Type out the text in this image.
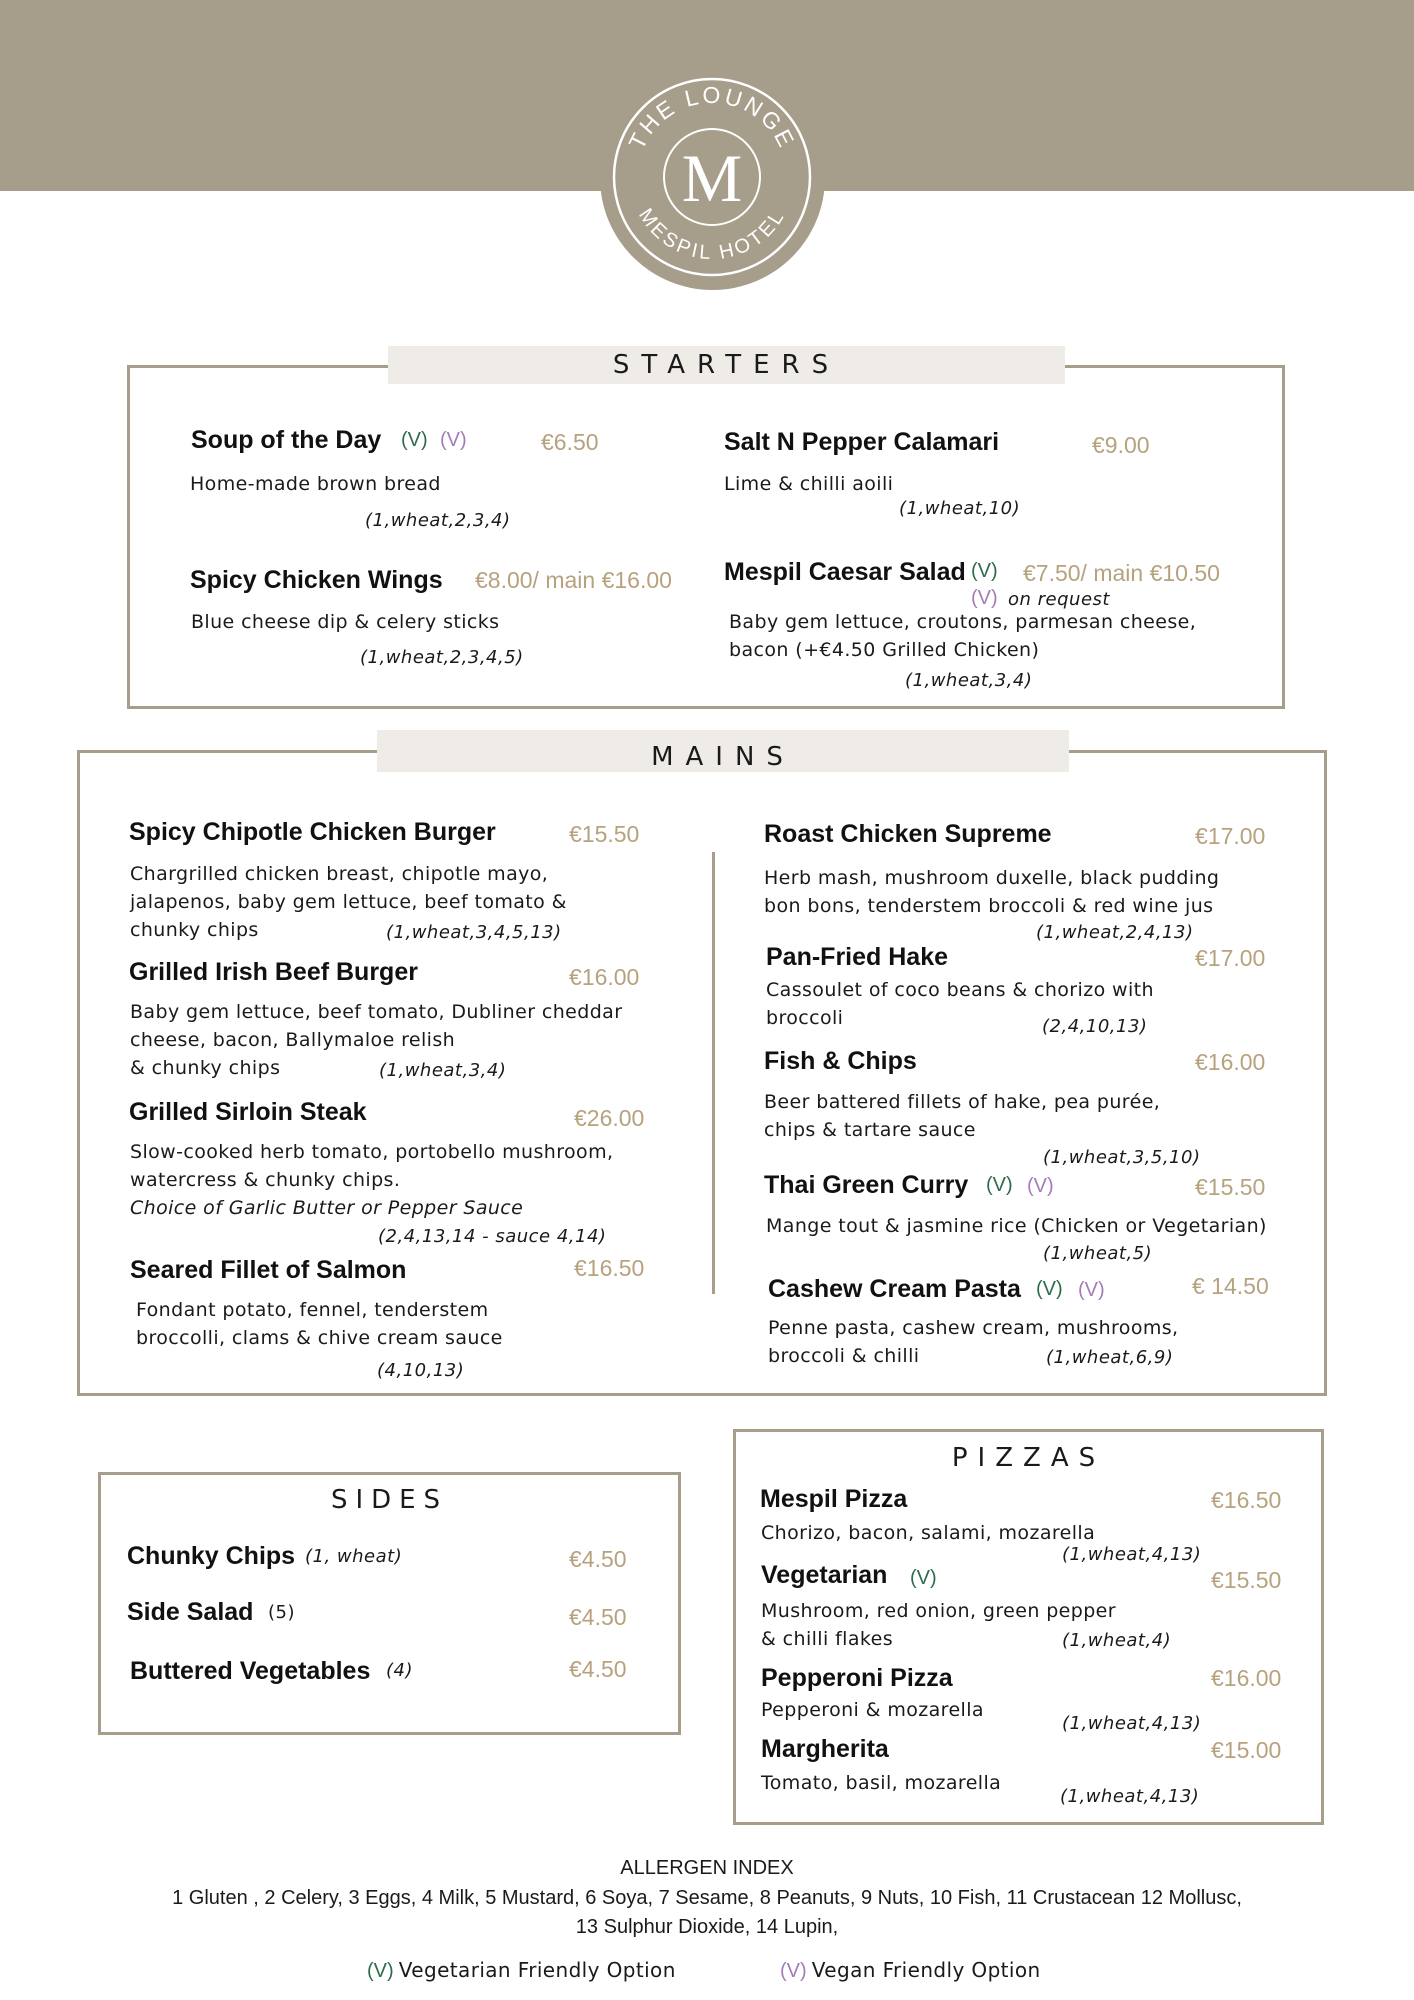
THE LOUNGE
MESPIL HOTEL
M
STARTERS
Soup of the Day (V) (V)	€6.50
Home-made brown bread
(1,wheat,2,3,4)
Salt N Pepper Calamari	€9.00
Lime & chilli aoili
(1,wheat,10)
Spicy Chicken Wings €8.00/ main €16.00
Blue cheese dip & celery sticks
(1,wheat,2,3,4,5)
Mespil Caesar Salad (V) €7.50/ main €10.50
(V) on request
Baby gem lettuce, croutons, parmesan cheese,
bacon (+€4.50 Grilled Chicken)
(1,wheat,3,4)
MAINS
Spicy Chipotle Chicken Burger	€15.50
Chargrilled chicken breast, chipotle mayo,
jalapenos, baby gem lettuce, beef tomato &
chunky chips	(1,wheat,3,4,5,13)
Grilled Irish Beef Burger	€16.00
Baby gem lettuce, beef tomato, Dubliner cheddar
cheese, bacon, Ballymaloe relish
& chunky chips	(1,wheat,3,4)
Grilled Sirloin Steak	€26.00
Slow-cooked herb tomato, portobello mushroom,
watercress & chunky chips.
Choice of Garlic Butter or Pepper Sauce
(2,4,13,14 - sauce 4,14)
Seared Fillet of Salmon	€16.50
Fondant potato, fennel, tenderstem
broccolli, clams & chive cream sauce
(4,10,13)
Roast Chicken Supreme	€17.00
Herb mash, mushroom duxelle, black pudding
bon bons, tenderstem broccoli & red wine jus
(1,wheat,2,4,13)
Pan-Fried Hake	€17.00
Cassoulet of coco beans & chorizo with
broccoli	(2,4,10,13)
Fish & Chips	€16.00
Beer battered fillets of hake, pea purée,
chips & tartare sauce
(1,wheat,3,5,10)
Thai Green Curry (V) (V)	€15.50
Mange tout & jasmine rice (Chicken or Vegetarian)
(1,wheat,5)
Cashew Cream Pasta (V) (V)	€ 14.50
Penne pasta, cashew cream, mushrooms,
broccoli & chilli	(1,wheat,6,9)
SIDES
Chunky Chips (1, wheat)	€4.50
Side Salad (5)	€4.50
Buttered Vegetables (4)	€4.50
PIZZAS
Mespil Pizza	€16.50
Chorizo, bacon, salami, mozarella
(1,wheat,4,13)
Vegetarian (V)	€15.50
Mushroom, red onion, green pepper
& chilli flakes	(1,wheat,4)
Pepperoni Pizza	€16.00
Pepperoni & mozarella
(1,wheat,4,13)
Margherita	€15.00
Tomato, basil, mozarella
(1,wheat,4,13)
ALLERGEN INDEX
1 Gluten , 2 Celery, 3 Eggs, 4 Milk, 5 Mustard, 6 Soya, 7 Sesame, 8 Peanuts, 9 Nuts, 10 Fish, 11 Crustacean 12 Mollusc,
13 Sulphur Dioxide, 14 Lupin,
(V) Vegetarian Friendly Option	(V) Vegan Friendly Option
